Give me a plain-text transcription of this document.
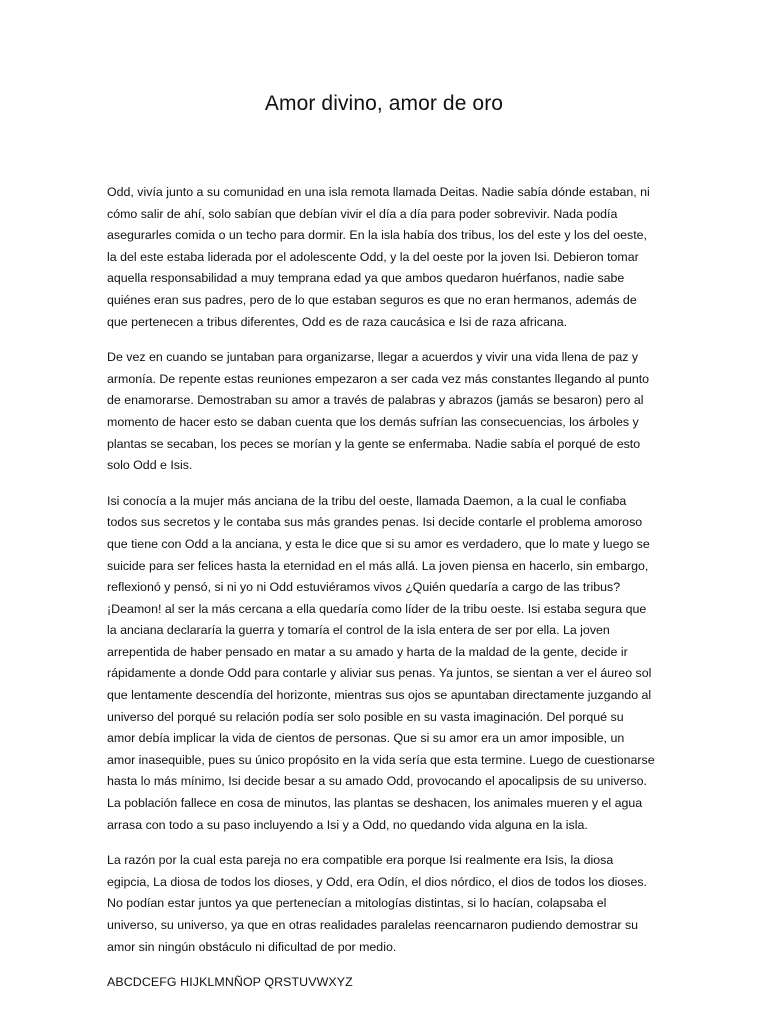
Amor divino, amor de oro

Odd, vivía junto a su comunidad en una isla remota llamada Deitas. Nadie sabía dónde estaban, ni cómo salir de ahí, solo sabían que debían vivir el día a día para poder sobrevivir. Nada podía asegurarles comida o un techo para dormir. En la isla había dos tribus, los del este y los del oeste, la del este estaba liderada por el adolescente Odd, y la del oeste por la joven Isi. Debieron tomar aquella responsabilidad a muy temprana edad ya que ambos quedaron huérfanos, nadie sabe quiénes eran sus padres, pero de lo que estaban seguros es que no eran hermanos, además de que pertenecen a tribus diferentes, Odd es de raza caucásica e Isi de raza africana.

De vez en cuando se juntaban para organizarse, llegar a acuerdos y vivir una vida llena de paz y armonía. De repente estas reuniones empezaron a ser cada vez más constantes llegando al punto de enamorarse. Demostraban su amor a través de palabras y abrazos (jamás se besaron) pero al momento de hacer esto se daban cuenta que los demás sufrían las consecuencias, los árboles y plantas se secaban, los peces se morían y la gente se enfermaba. Nadie sabía el porqué de esto solo Odd e Isis.

Isi conocía a la mujer más anciana de la tribu del oeste, llamada Daemon, a la cual le confiaba todos sus secretos y le contaba sus más grandes penas. Isi decide contarle el problema amoroso que tiene con Odd a la anciana, y esta le dice que si su amor es verdadero, que lo mate y luego se suicide para ser felices hasta la eternidad en el más allá. La joven piensa en hacerlo, sin embargo, reflexionó y pensó, si ni yo ni Odd estuviéramos vivos ¿Quién quedaría a cargo de las tribus? ¡Deamon! al ser la más cercana a ella quedaría como líder de la tribu oeste. Isi estaba segura que la anciana declararía la guerra y tomaría el control de la isla entera de ser por ella. La joven arrepentida de haber pensado en matar a su amado y harta de la maldad de la gente, decide ir rápidamente a donde Odd para contarle y aliviar sus penas. Ya juntos, se sientan a ver el áureo sol que lentamente descendía del horizonte, mientras sus ojos se apuntaban directamente juzgando al universo del porqué su relación podía ser solo posible en su vasta imaginación. Del porqué su amor debía implicar la vida de cientos de personas. Que si su amor era un amor imposible, un amor inasequible, pues su único propósito en la vida sería que esta termine. Luego de cuestionarse hasta lo más mínimo, Isi decide besar a su amado Odd, provocando el apocalipsis de su universo. La población fallece en cosa de minutos, las plantas se deshacen, los animales mueren y el agua arrasa con todo a su paso incluyendo a Isi y a Odd, no quedando vida alguna en la isla.

La razón por la cual esta pareja no era compatible era porque Isi realmente era Isis, la diosa egipcia, La diosa de todos los dioses, y Odd, era Odín, el dios nórdico, el dios de todos los dioses. No podían estar juntos ya que pertenecían a mitologías distintas, si lo hacían, colapsaba el universo, su universo, ya que en otras realidades paralelas reencarnaron pudiendo demostrar su amor sin ningún obstáculo ni dificultad de por medio.

ABCDCEFG HIJKLMNÑOP QRSTUVWXYZ
